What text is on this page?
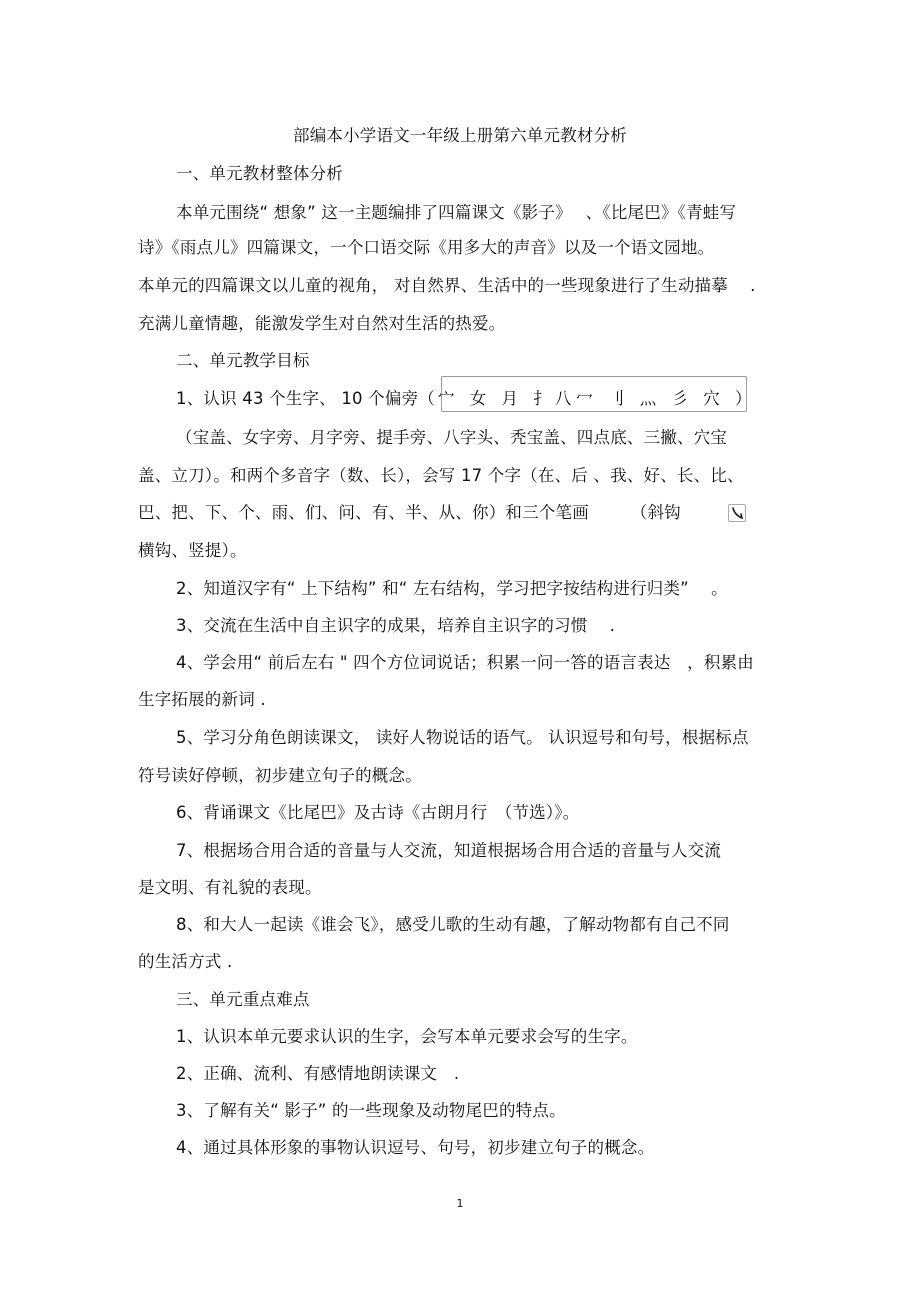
部编本小学语文一年级上册第六单元教材分析
一、单元教材整体分析
本单元围绕“ 想象” 这一主题编排了四篇课文《影子》　 、《比尾巴》《青蛙写
诗》《雨点儿》四篇课文，一个口语交际《用多大的声音》以及一个语文园地。
本单元的四篇课文以儿童的视角， 对自然界、生活中的一些现象进行了生动描摹　 .
充满儿童情趣，能激发学生对自然对生活的热爱。
二、单元教学目标
1、认识 43 个生字、 10 个偏旁（ 宀 女 月 扌八冖 刂 灬 彡 穴 ）
（宝盖、女字旁、月字旁、提手旁、八字头、秃宝盖、四点底、三撇、穴宝
盖、立刀）。和两个多音字（数、长），会写 17 个字（在、后 、我、好、长、比、
巴、把、下、个、雨、们、问、有、半、从、你）和三个笔画　　　（斜钩
横钩、竖提）。
2、知道汉字有“ 上下结构” 和“ 左右结构，学习把字按结构进行归类”　 。
3、交流在生活中自主识字的成果，培养自主识字的习惯　 .
4、学会用“ 前后左右 " 四个方位词说话；积累一问一答的语言表达　，积累由
生字拓展的新词 .
5、学习分角色朗读课文， 读好人物说话的语气。 认识逗号和句号，根据标点
符号读好停顿，初步建立句子的概念。
6、背诵课文《比尾巴》及古诗《古朗月行　（节选）》。
7、根据场合用合适的音量与人交流，知道根据场合用合适的音量与人交流
是文明、有礼貌的表现。
8、和大人一起读《谁会飞》，感受儿歌的生动有趣，了解动物都有自己不同
的生活方式 .
三、单元重点难点
1、认识本单元要求认识的生字，会写本单元要求会写的生字。
2、正确、流利、有感情地朗读课文　.
3、了解有关“ 影子” 的一些现象及动物尾巴的特点。
4、通过具体形象的事物认识逗号、句号，初步建立句子的概念。
1
